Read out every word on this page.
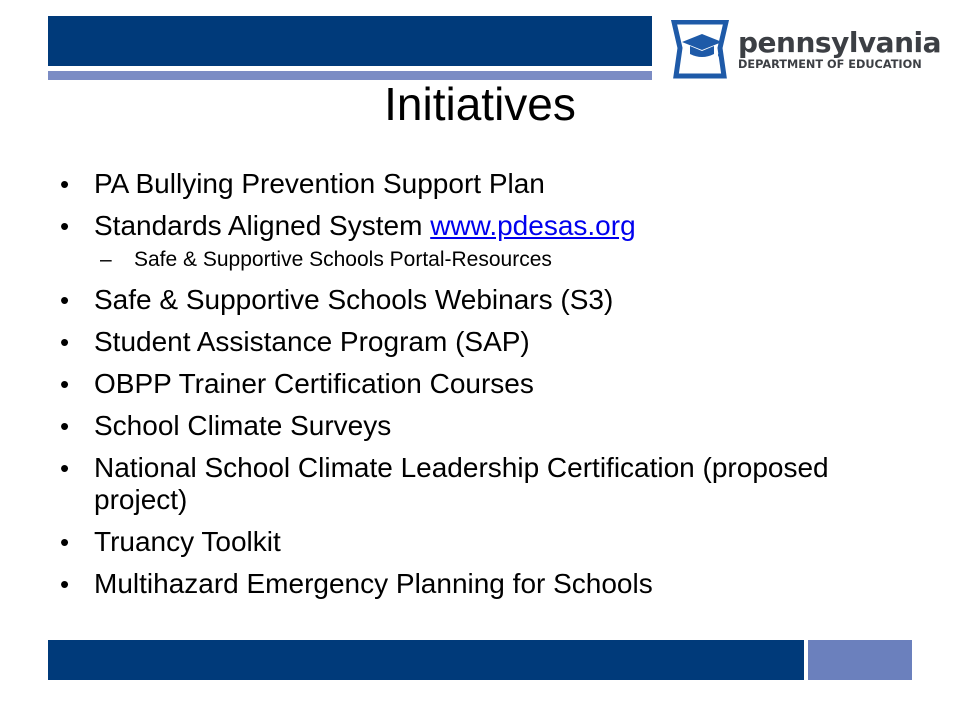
pennsylvania
DEPARTMENT OF EDUCATION
Initiatives
• PA Bullying Prevention Support Plan
• Standards Aligned System www.pdesas.org
– Safe & Supportive Schools Portal-Resources
• Safe & Supportive Schools Webinars (S3)
• Student Assistance Program (SAP)
• OBPP Trainer Certification Courses
• School Climate Surveys
• National School Climate Leadership Certification (proposed project)
• Truancy Toolkit
• Multihazard Emergency Planning for Schools
